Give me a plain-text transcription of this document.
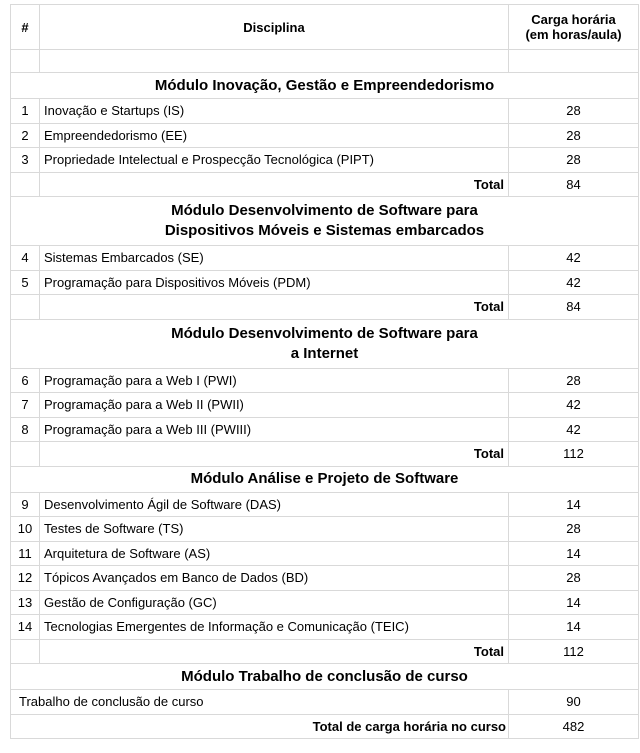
#	Disciplina	Carga horária
(em horas/aula)

Módulo Inovação, Gestão e Empreendedorismo		

1	Inovação e Startups (IS)	28
2	Empreendedorismo (EE)	28
3	Propriedade Intelectual e Prospecção Tecnológica (PIPT)	28
	Total	84

Módulo Desenvolvimento de Software para
Dispositivos Móveis e Sistemas embarcados		

4	Sistemas Embarcados (SE)	42
5	Programação para Dispositivos Móveis (PDM)	42
	Total	84

Módulo Desenvolvimento de Software para
a Internet		

6	Programação para a Web I (PWI)	28
7	Programação para a Web II (PWII)	42
8	Programação para a Web III (PWIII)	42
	Total	112

Módulo Análise e Projeto de Software		

9	Desenvolvimento Ágil de Software (DAS)	14
10	Testes de Software (TS)	28
11	Arquitetura de Software (AS)	14
12	Tópicos Avançados em Banco de Dados (BD)	28
13	Gestão de Configuração (GC)	14
14	Tecnologias Emergentes de Informação e Comunicação (TEIC)	14
	Total	112
Módulo Trabalho de conclusão de curso		
Trabalho de conclusão de curso		90
Total de carga horária no curso		482
